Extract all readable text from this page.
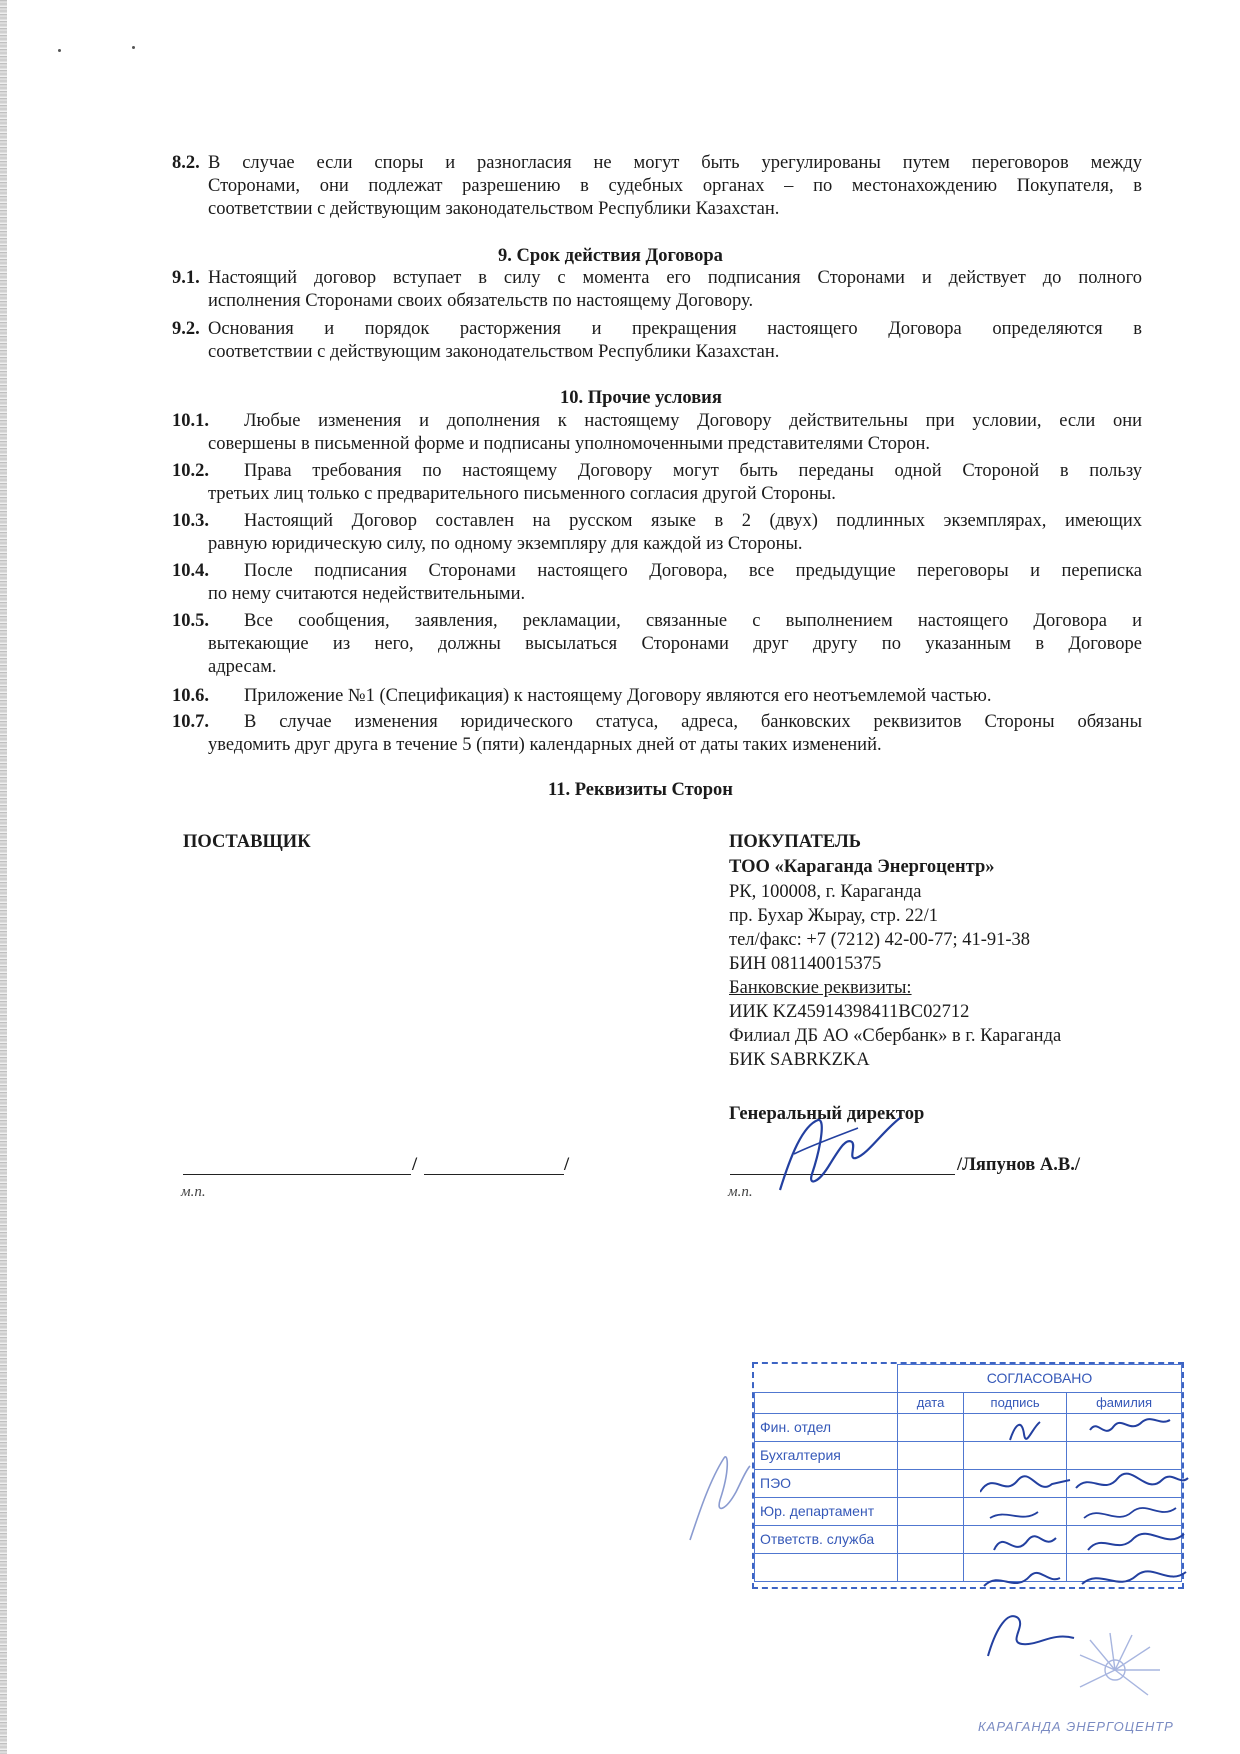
8.2. В случае если споры и разногласия не могут быть урегулированы путем переговоров между
Сторонами, они подлежат разрешению в судебных органах – по местонахождению Покупателя, в
соответствии с действующим законодательством Республики Казахстан.
9. Срок действия Договора
9.1. Настоящий договор вступает в силу с момента его подписания Сторонами и действует до полного
исполнения Сторонами своих обязательств по настоящему Договору.
9.2. Основания и порядок расторжения и прекращения настоящего Договора определяются в
соответствии с действующим законодательством Республики Казахстан.
10. Прочие условия
10.1. Любые изменения и дополнения к настоящему Договору действительны при условии, если они
совершены в письменной форме и подписаны уполномоченными представителями Сторон.
10.2. Права требования по настоящему Договору могут быть переданы одной Стороной в пользу
третьих лиц только с предварительного письменного согласия другой Стороны.
10.3. Настоящий Договор составлен на русском языке в 2 (двух) подлинных экземплярах, имеющих
равную юридическую силу, по одному экземпляру для каждой из Стороны.
10.4. После подписания Сторонами настоящего Договора, все предыдущие переговоры и переписка
по нему считаются недействительными.
10.5. Все сообщения, заявления, рекламации, связанные с выполнением настоящего Договора и
вытекающие из него, должны высылаться Сторонами друг другу по указанным в Договоре
адресам.
10.6. Приложение №1 (Спецификация) к настоящему Договору являются его неотъемлемой частью.
10.7. В случае изменения юридического статуса, адреса, банковских реквизитов Стороны обязаны
уведомить друг друга в течение 5 (пяти) календарных дней от даты таких изменений.
11. Реквизиты Сторон
ПОСТАВЩИК	ПОКУПАТЕЛЬ
ТОО «Караганда Энергоцентр»
РК, 100008, г. Караганда
пр. Бухар Жырау, стр. 22/1
тел/факс: +7 (7212) 42-00-77; 41-91-38
БИН 081140015375
Банковские реквизиты:
ИИК KZ45914398411BC02712
Филиал ДБ АО «Сбербанк» в г. Караганда
БИК SABRKZKA
Генеральный директор
/	/
м.п.
/Ляпунов А.В./
м.п.
	СОГЛАСОВАНО		
	дата	подпись	фамилия
Фин. отдел			
Бухгалтерия			
ПЭО			
Юр. департамент			
Ответств. служба			

КАРАГАНДА ЭНЕРГОЦЕНТР
